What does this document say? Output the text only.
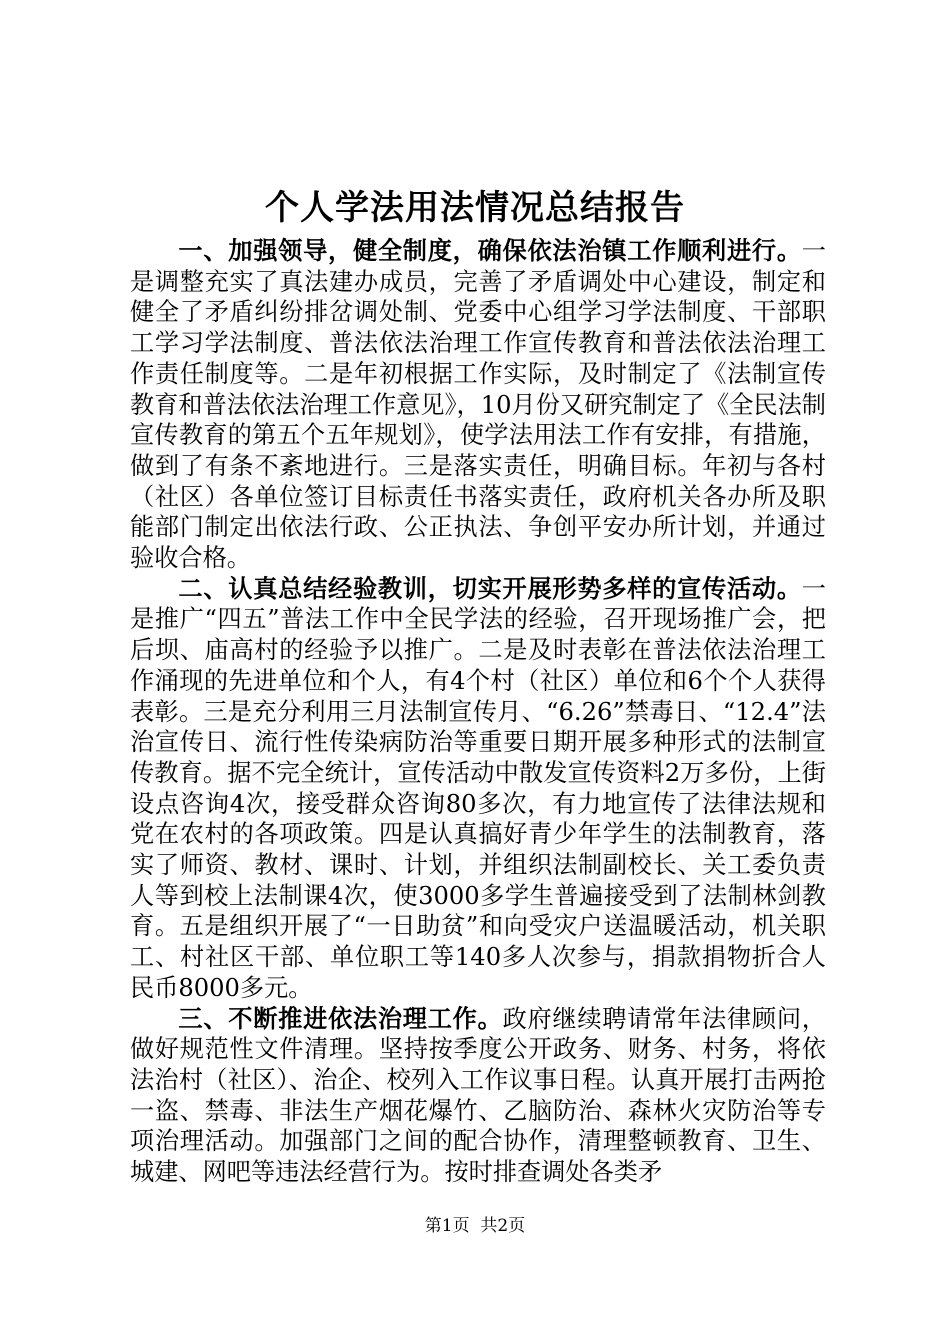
个人学法用法情况总结报告

一、加强领导，健全制度，确保依法治镇工作顺利进行。一是调整充实了真法建办成员，完善了矛盾调处中心建设，制定和健全了矛盾纠纷排岔调处制、党委中心组学习学法制度、干部职工学习学法制度、普法依法治理工作宣传教育和普法依法治理工作责任制度等。二是年初根据工作实际，及时制定了《法制宣传教育和普法依法治理工作意见》，10月份又研究制定了《全民法制宣传教育的第五个五年规划》，使学法用法工作有安排，有措施，做到了有条不紊地进行。三是落实责任，明确目标。年初与各村（社区）各单位签订目标责任书落实责任，政府机关各办所及职能部门制定出依法行政、公正执法、争创平安办所计划，并通过验收合格。

二、认真总结经验教训，切实开展形势多样的宣传活动。一是推广“四五”普法工作中全民学法的经验，召开现场推广会，把后坝、庙高村的经验予以推广。二是及时表彰在普法依法治理工作涌现的先进单位和个人，有4个村（社区）单位和6个个人获得表彰。三是充分利用三月法制宣传月、“6.26”禁毒日、“12.4”法治宣传日、流行性传染病防治等重要日期开展多种形式的法制宣传教育。据不完全统计，宣传活动中散发宣传资料2万多份，上街设点咨询4次，接受群众咨询80多次，有力地宣传了法律法规和党在农村的各项政策。四是认真搞好青少年学生的法制教育，落实了师资、教材、课时、计划，并组织法制副校长、关工委负责人等到校上法制课4次，使3000多学生普遍接受到了法制林剑教育。五是组织开展了“一日助贫”和向受灾户送温暖活动，机关职工、村社区干部、单位职工等140多人次参与，捐款捐物折合人民币8000多元。

三、不断推进依法治理工作。政府继续聘请常年法律顾问，做好规范性文件清理。坚持按季度公开政务、财务、村务，将依法治村（社区）、治企、校列入工作议事日程。认真开展打击两抢一盗、禁毒、非法生产烟花爆竹、乙脑防治、森林火灾防治等专项治理活动。加强部门之间的配合协作，清理整顿教育、卫生、城建、网吧等违法经营行为。按时排查调处各类矛

第1页  共2页
